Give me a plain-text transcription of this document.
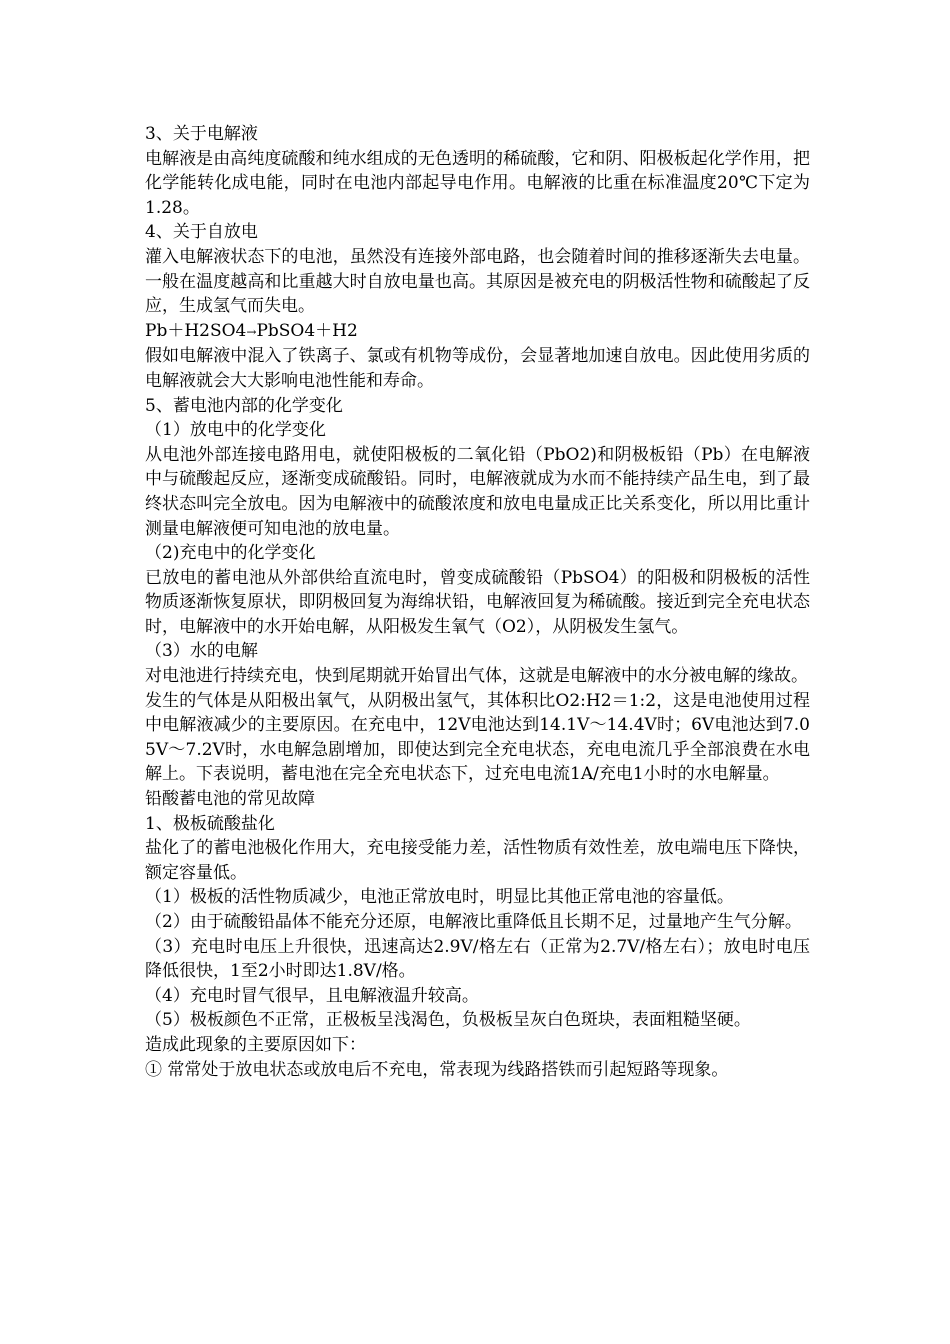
3、关于电解液

电解液是由高纯度硫酸和纯水组成的无色透明的稀硫酸，它和阴、阳极板起化学作用，把化学能转化成电能，同时在电池内部起导电作用。电解液的比重在标准温度20℃下定为1.28。

4、关于自放电

灌入电解液状态下的电池，虽然没有连接外部电路，也会随着时间的推移逐渐失去电量。一般在温度越高和比重越大时自放电量也高。其原因是被充电的阴极活性物和硫酸起了反应，生成氢气而失电。

Pb＋H2SO4→PbSO4＋H2

假如电解液中混入了铁离子、氯或有机物等成份，会显著地加速自放电。因此使用劣质的电解液就会大大影响电池性能和寿命。

5、蓄电池内部的化学变化

（1）放电中的化学变化

从电池外部连接电路用电，就使阳极板的二氧化铅（PbO2)和阴极板铅（Pb）在电解液中与硫酸起反应，逐渐变成硫酸铅。同时，电解液就成为水而不能持续产品生电，到了最终状态叫完全放电。因为电解液中的硫酸浓度和放电电量成正比关系变化，所以用比重计测量电解液便可知电池的放电量。

（2)充电中的化学变化

已放电的蓄电池从外部供给直流电时，曾变成硫酸铅（PbSO4）的阳极和阴极板的活性物质逐渐恢复原状，即阴极回复为海绵状铅，电解液回复为稀硫酸。接近到完全充电状态时，电解液中的水开始电解，从阳极发生氧气（O2），从阴极发生氢气。

（3）水的电解

对电池进行持续充电，快到尾期就开始冒出气体，这就是电解液中的水分被电解的缘故。

发生的气体是从阳极出氧气，从阴极出氢气，其体积比O2:H2＝1:2，这是电池使用过程中电解液减少的主要原因。在充电中，12V电池达到14.1V～14.4V时；6V电池达到7.05V～7.2V时，水电解急剧增加，即使达到完全充电状态，充电电流几乎全部浪费在水电解上。下表说明，蓄电池在完全充电状态下，过充电电流1A/充电1小时的水电解量。

铅酸蓄电池的常见故障

1、极板硫酸盐化

盐化了的蓄电池极化作用大，充电接受能力差，活性物质有效性差，放电端电压下降快，额定容量低。

（1）极板的活性物质减少，电池正常放电时，明显比其他正常电池的容量低。

（2）由于硫酸铅晶体不能充分还原，电解液比重降低且长期不足，过量地产生气分解。

（3）充电时电压上升很快，迅速高达2.9V/格左右（正常为2.7V/格左右）；放电时电压降低很快，1至2小时即达1.8V/格。

（4）充电时冒气很早，且电解液温升较高。

（5）极板颜色不正常，正极板呈浅渴色，负极板呈灰白色斑块，表面粗糙坚硬。

造成此现象的主要原因如下：

① 常常处于放电状态或放电后不充电，常表现为线路搭铁而引起短路等现象。
